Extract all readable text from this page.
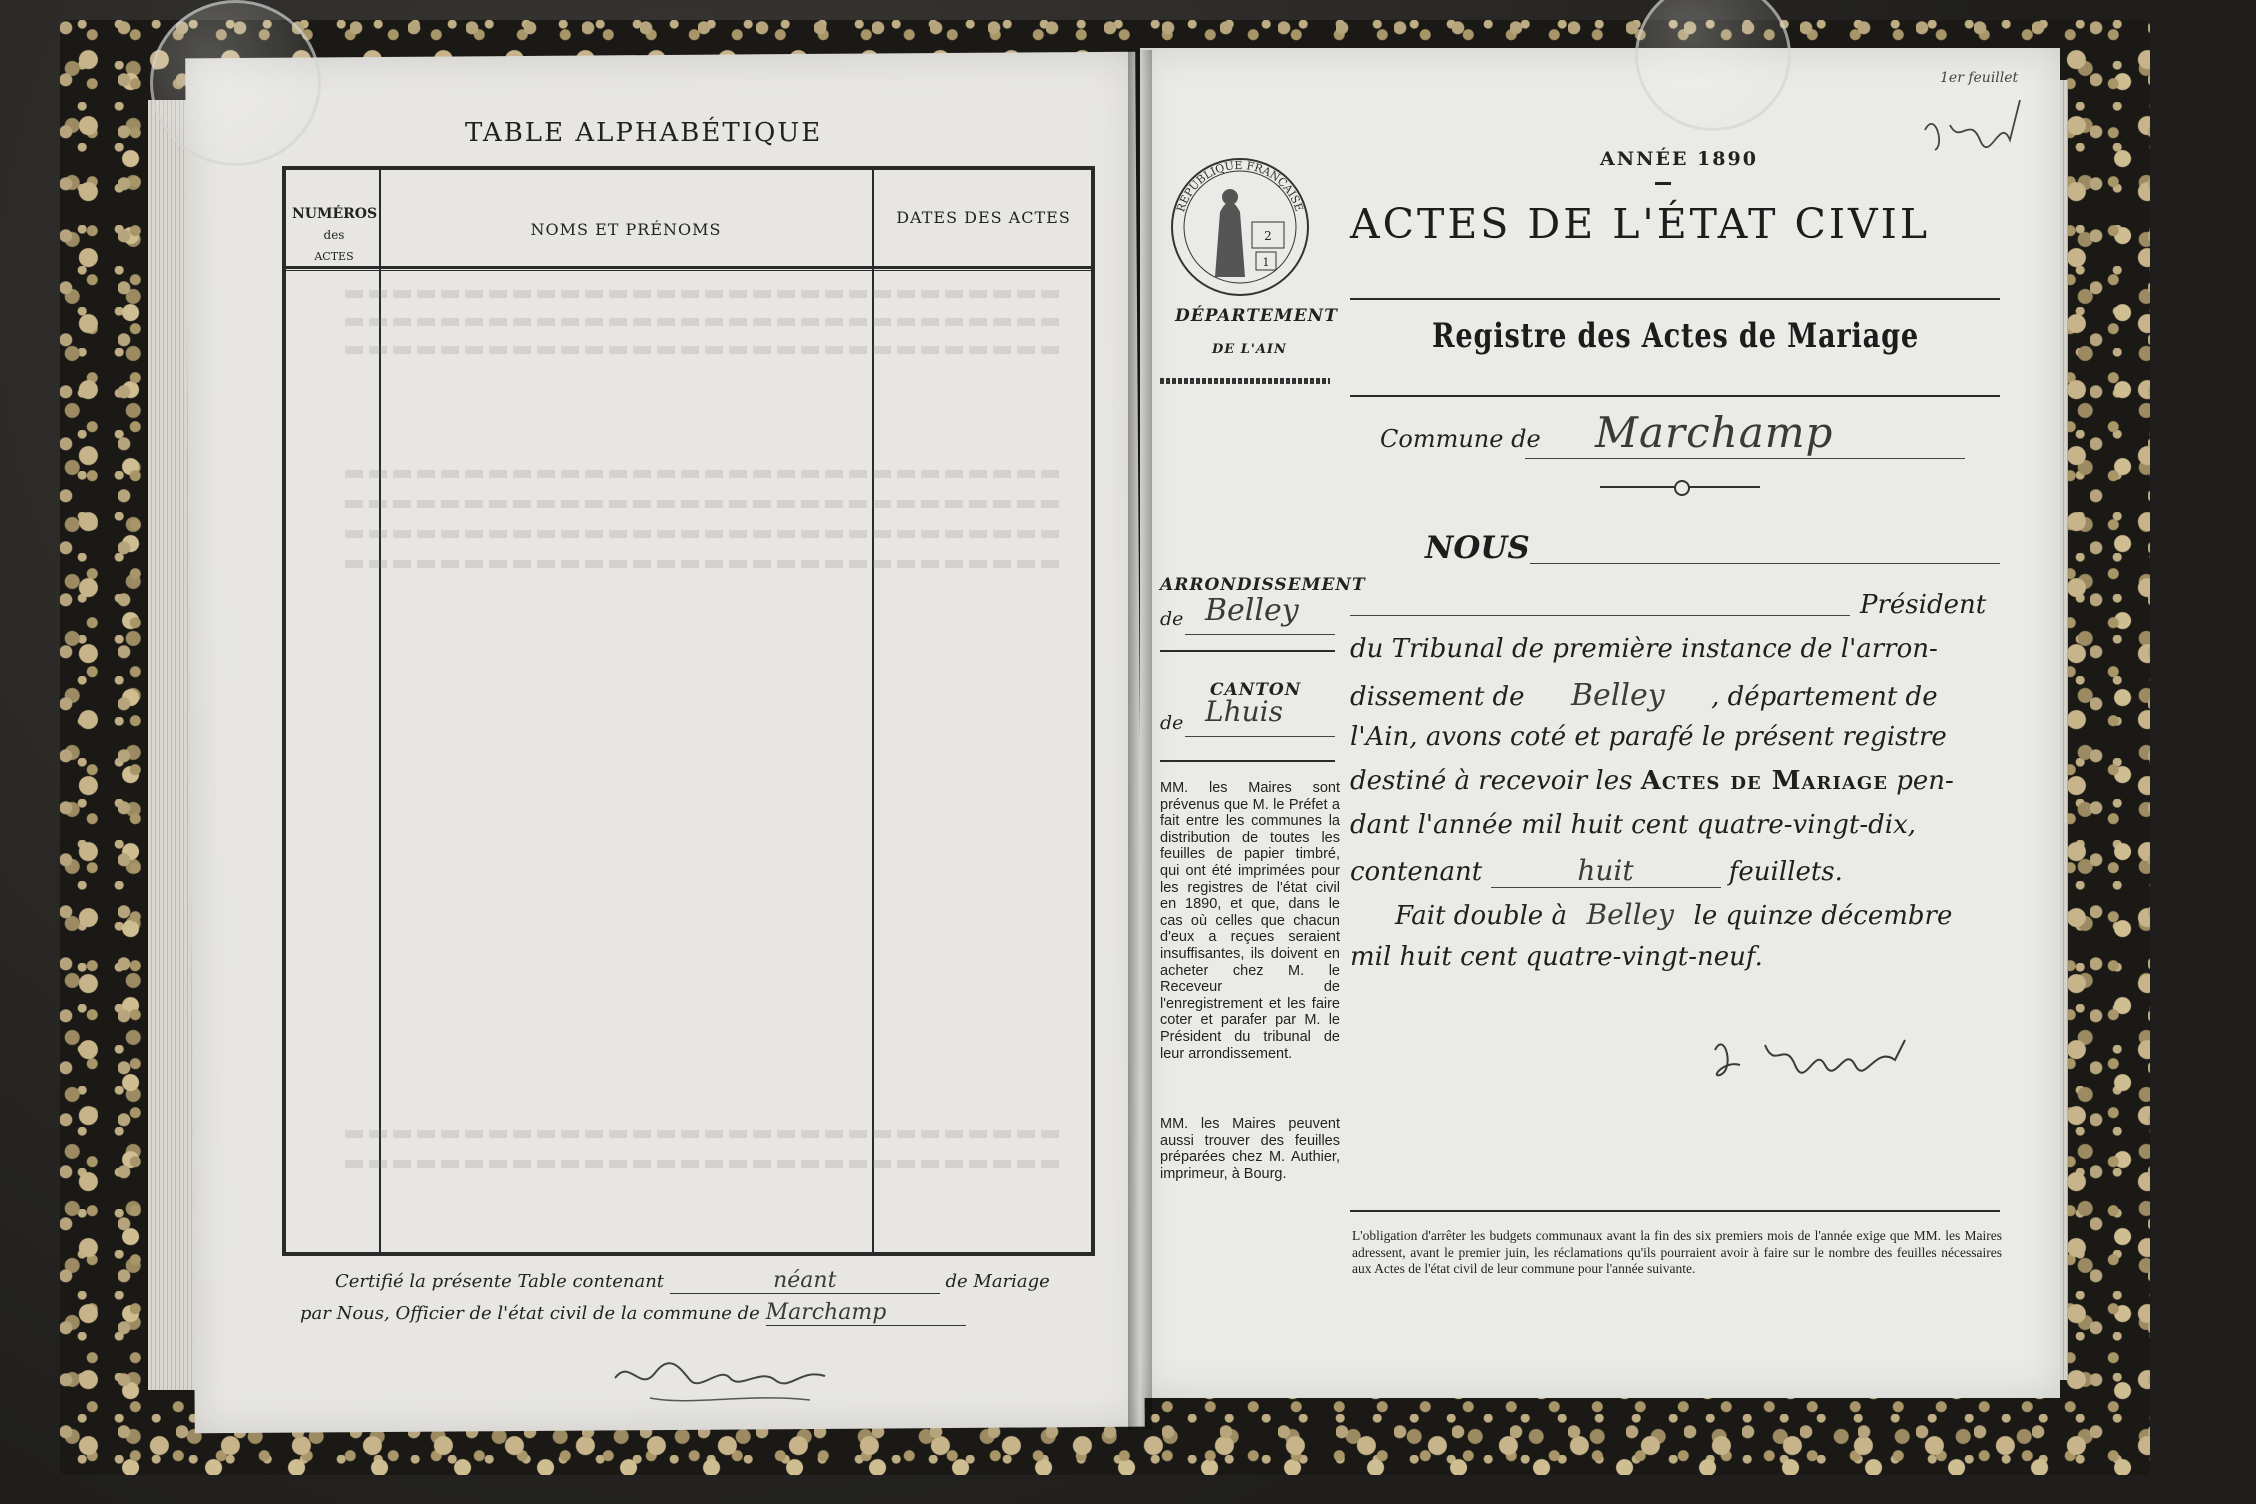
TABLE ALPHABÉTIQUE
NUMÉROS
des
ACTES
NOMS ET PRÉNOMS
DATES DES ACTES
Certifié la présente Table contenant	néant	de Mariage
par Nous, Officier de l'état civil de la commune de Marchamp
RÉPUBLIQUE FRANÇAISE
2
1
ANNÉE 1890
ACTES DE L'ÉTAT CIVIL
DÉPARTEMENT
DE L'AIN	Registre des Actes de Mariage
Commune de Marchamp
NOUS
ARRONDISSEMENT
de Belley
CANTON
de Lhuis
Président
du Tribunal de première instance de l'arron-
dissement de Belley , département de
l'Ain, avons coté et parafé le présent registre
destiné à recevoir les Actes de Mariage pen-
dant l'année mil huit cent quatre-vingt-dix,
contenant	huit	feuillets.
Fait double à Belley le quinze décembre
mil huit cent quatre-vingt-neuf.
MM. les Maires sont prévenus que M. le Préfet a fait entre les communes la distribution de toutes les feuilles de papier timbré, qui ont été imprimées pour les registres de l'état civil en 1890, et que, dans le cas où celles que chacun d'eux a reçues seraient insuffisantes, ils doivent en acheter chez M. le Receveur de l'enregistrement et les faire coter et parafer par M. le Président du tribunal de leur arrondissement.
MM. les Maires peuvent aussi trouver des feuilles préparées chez M. Authier, imprimeur, à Bourg.
L'obligation d'arrêter les budgets communaux avant la fin des six premiers mois de l'année exige que MM. les Maires adressent, avant le premier juin, les réclamations qu'ils pourraient avoir à faire sur le nombre des feuilles nécessaires aux Actes de l'état civil de leur commune pour l'année suivante.
1er feuillet
